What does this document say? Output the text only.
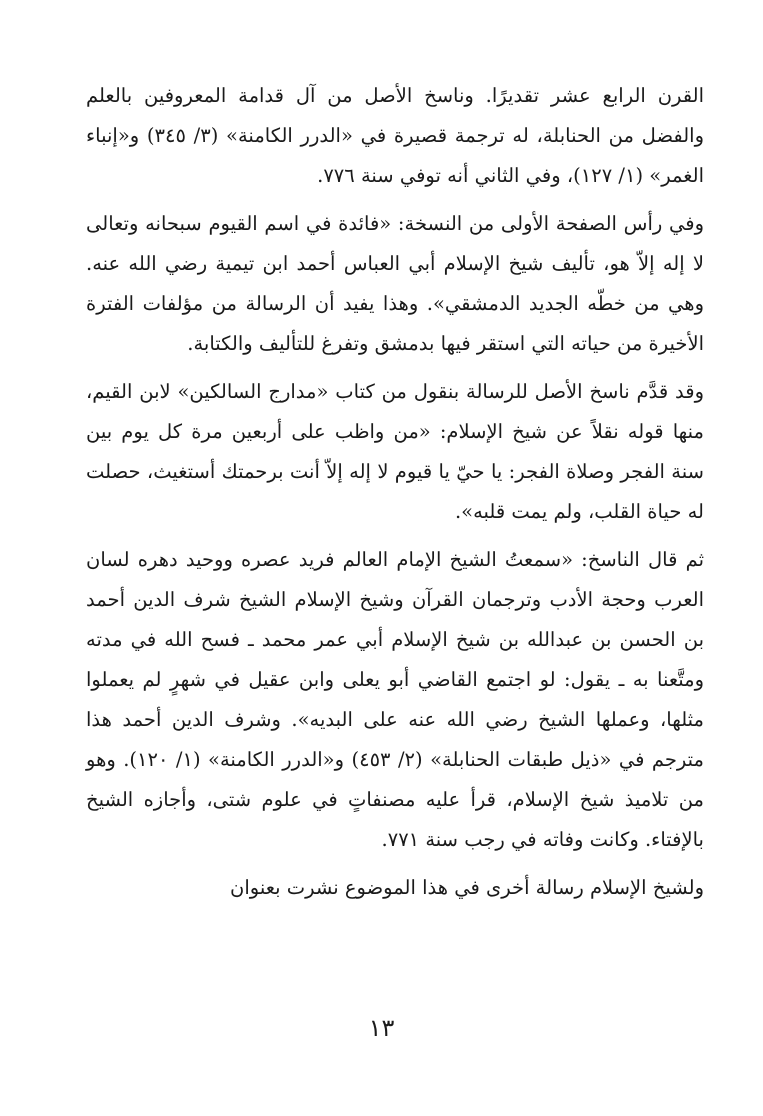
القرن الرابع عشر تقديرًا. وناسخ الأصل من آل قدامة المعروفين بالعلم والفضل من الحنابلة، له ترجمة قصيرة في «الدرر الكامنة» (٣/ ٣٤٥) و«إنباء الغمر» (١/ ١٢٧)، وفي الثاني أنه توفي سنة ٧٧٦.

وفي رأس الصفحة الأولى من النسخة: «فائدة في اسم القيوم سبحانه وتعالى لا إله إلاّ هو، تأليف شيخ الإسلام أبي العباس أحمد ابن تيمية رضي الله عنه. وهي من خطّه الجديد الدمشقي». وهذا يفيد أن الرسالة من مؤلفات الفترة الأخيرة من حياته التي استقر فيها بدمشق وتفرغ للتأليف والكتابة.

وقد قدَّم ناسخ الأصل للرسالة بنقول من كتاب «مدارج السالكين» لابن القيم، منها قوله نقلاً عن شيخ الإسلام: «من واظب على أربعين مرة كل يوم بين سنة الفجر وصلاة الفجر: يا حيّ يا قيوم لا إله إلاّ أنت برحمتك أستغيث، حصلت له حياة القلب، ولم يمت قلبه».

ثم قال الناسخ: «سمعتُ الشيخ الإمام العالم فريد عصره ووحيد دهره لسان العرب وحجة الأدب وترجمان القرآن وشيخ الإسلام الشيخ شرف الدين أحمد بن الحسن بن عبدالله بن شيخ الإسلام أبي عمر محمد ـ فسح الله في مدته ومتَّعنا به ـ يقول: لو اجتمع القاضي أبو يعلى وابن عقيل في شهرٍ لم يعملوا مثلها، وعملها الشيخ رضي الله عنه على البديه». وشرف الدين أحمد هذا مترجم في «ذيل طبقات الحنابلة» (٢/ ٤٥٣) و«الدرر الكامنة» (١/ ١٢٠). وهو من تلاميذ شيخ الإسلام، قرأ عليه مصنفاتٍ في علوم شتى، وأجازه الشيخ بالإفتاء. وكانت وفاته في رجب سنة ٧٧١.

ولشيخ الإسلام رسالة أخرى في هذا الموضوع نشرت بعنوان

١٣
